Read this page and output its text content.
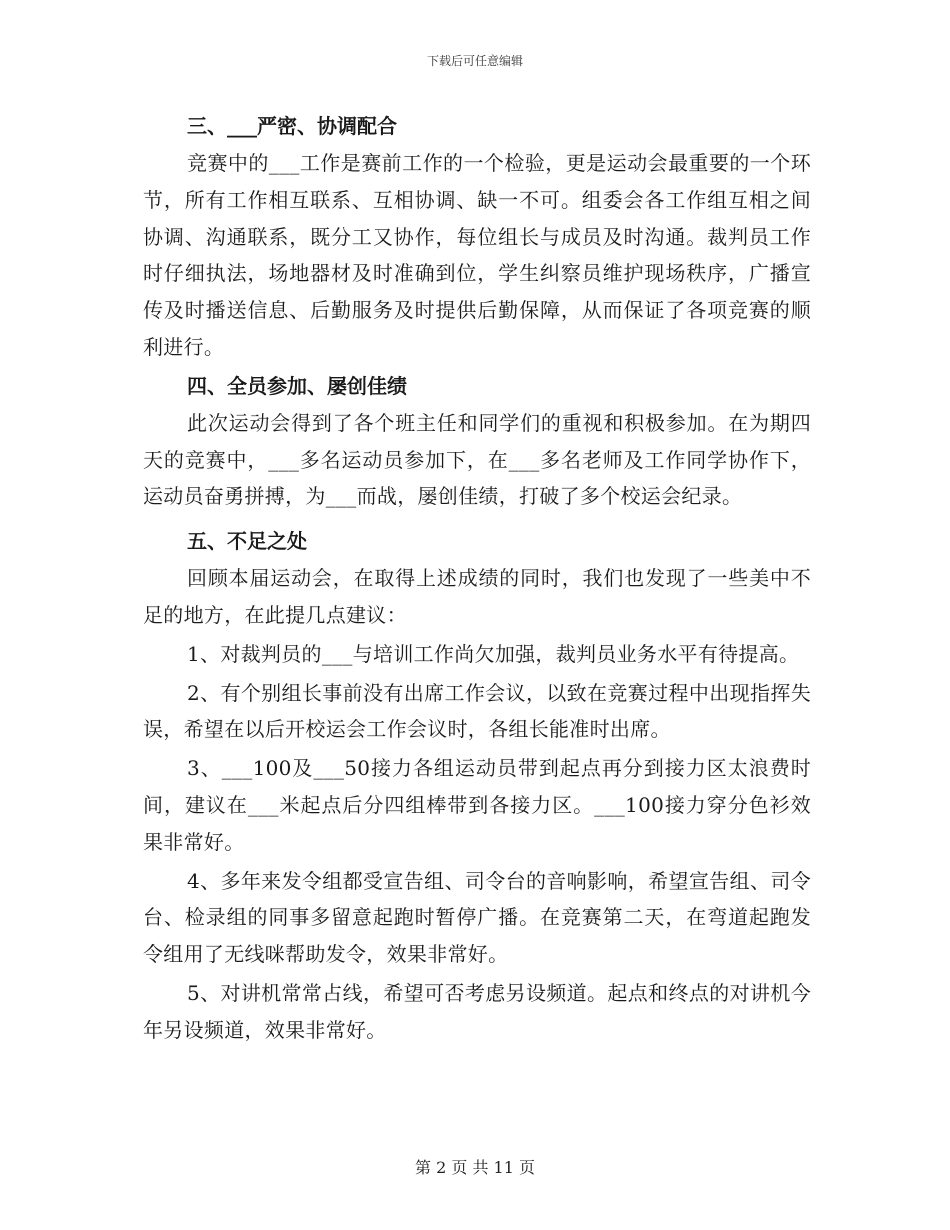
下载后可任意编辑
三、___严密、协调配合

竞赛中的___工作是赛前工作的一个检验，更是运动会最重要的一个环节，所有工作相互联系、互相协调、缺一不可。组委会各工作组互相之间协调、沟通联系，既分工又协作，每位组长与成员及时沟通。裁判员工作时仔细执法，场地器材及时准确到位，学生纠察员维护现场秩序，广播宣传及时播送信息、后勤服务及时提供后勤保障，从而保证了各项竞赛的顺利进行。

四、全员参加、屡创佳绩

此次运动会得到了各个班主任和同学们的重视和积极参加。在为期四天的竞赛中，___多名运动员参加下，在___多名老师及工作同学协作下，运动员奋勇拼搏，为___而战，屡创佳绩，打破了多个校运会纪录。

五、不足之处

回顾本届运动会，在取得上述成绩的同时，我们也发现了一些美中不足的地方，在此提几点建议：

1、对裁判员的___与培训工作尚欠加强，裁判员业务水平有待提高。

2、有个别组长事前没有出席工作会议，以致在竞赛过程中出现指挥失误，希望在以后开校运会工作会议时，各组长能准时出席。

3、___100及___50接力各组运动员带到起点再分到接力区太浪费时间，建议在___米起点后分四组棒带到各接力区。___100接力穿分色衫效果非常好。

4、多年来发令组都受宣告组、司令台的音响影响，希望宣告组、司令台、检录组的同事多留意起跑时暂停广播。在竞赛第二天，在弯道起跑发令组用了无线咪帮助发令，效果非常好。

5、对讲机常常占线，希望可否考虑另设频道。起点和终点的对讲机今年另设频道，效果非常好。

第 2 页 共 11 页
